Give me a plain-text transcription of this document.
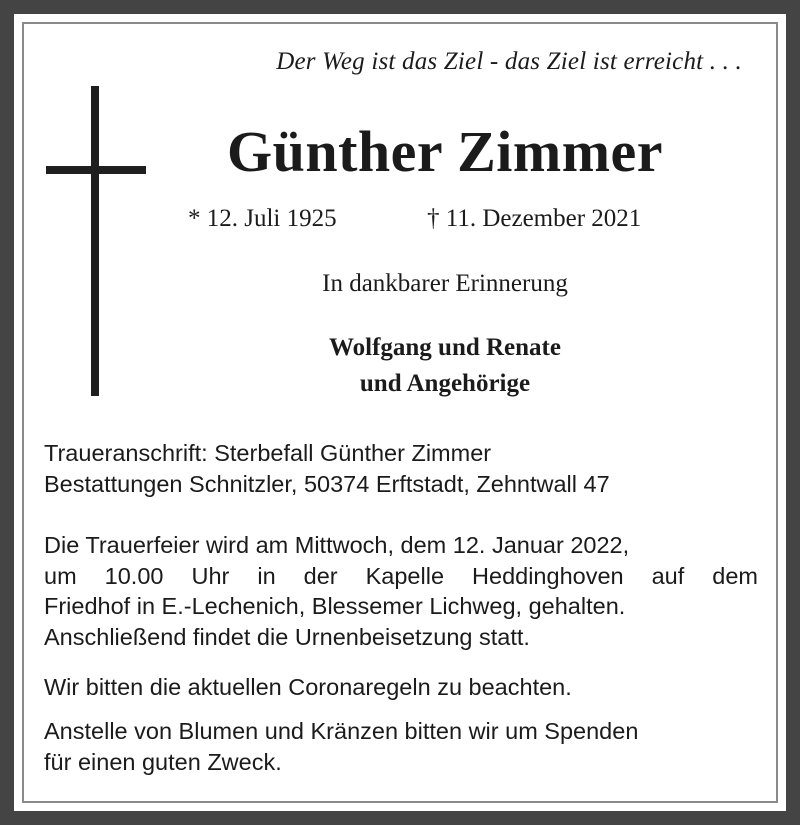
Der Weg ist das Ziel - das Ziel ist erreicht . . .
Günther Zimmer
* 12. Juli 1925	† 11. Dezember 2021
In dankbarer Erinnerung
Wolfgang und Renate
und Angehörige
Traueranschrift: Sterbefall Günther Zimmer
Bestattungen Schnitzler, 50374 Erftstadt, Zehntwall 47
Die Trauerfeier wird am Mittwoch, dem 12. Januar 2022,
um 10.00 Uhr in der Kapelle Heddinghoven auf dem
Friedhof in E.-Lechenich, Blessemer Lichweg, gehalten.
Anschließend findet die Urnenbeisetzung statt.
Wir bitten die aktuellen Coronaregeln zu beachten.
Anstelle von Blumen und Kränzen bitten wir um Spenden
für einen guten Zweck.
